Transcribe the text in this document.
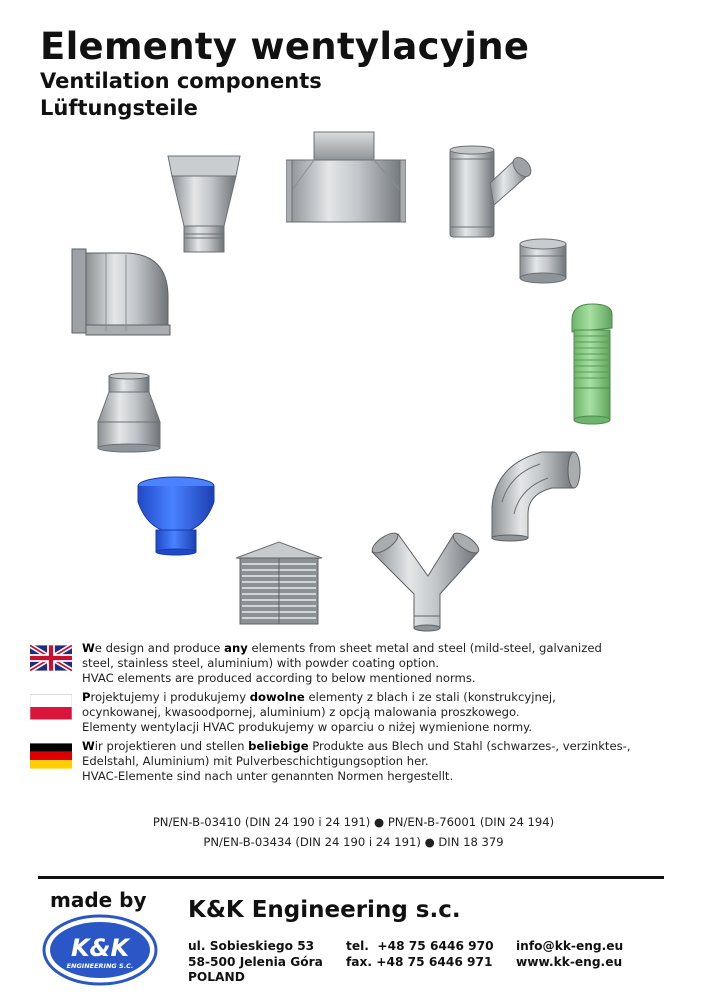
Elementy wentylacyjne
Ventilation components
Lüftungsteile
We design and produce any elements from sheet metal and steel (mild-steel, galvanized
steel, stainless steel, aluminium) with powder coating option.
HVAC elements are produced according to below mentioned norms.
Projektujemy i produkujemy dowolne elementy z blach i ze stali (konstrukcyjnej,
ocynkowanej, kwasoodpornej, aluminium) z opcją malowania proszkowego.
Elementy wentylacji HVAC produkujemy w oparciu o niżej wymienione normy.
Wir projektieren und stellen beliebige Produkte aus Blech und Stahl (schwarzes-, verzinktes-,
Edelstahl, Aluminium) mit Pulverbeschichtigungsoption her.
HVAC-Elemente sind nach unter genannten Normen hergestellt.
PN/EN-B-03410 (DIN 24 190 i 24 191) ● PN/EN-B-76001 (DIN 24 194)
PN/EN-B-03434 (DIN 24 190 i 24 191) ● DIN 18 379
made by
K&K
ENGINEERING S.C.
K&K Engineering s.c.
ul. Sobieskiego 53
58-500 Jelenia Góra
POLAND
tel.  +48 75 6446 970
fax. +48 75 6446 971
info@kk-eng.eu
www.kk-eng.eu
